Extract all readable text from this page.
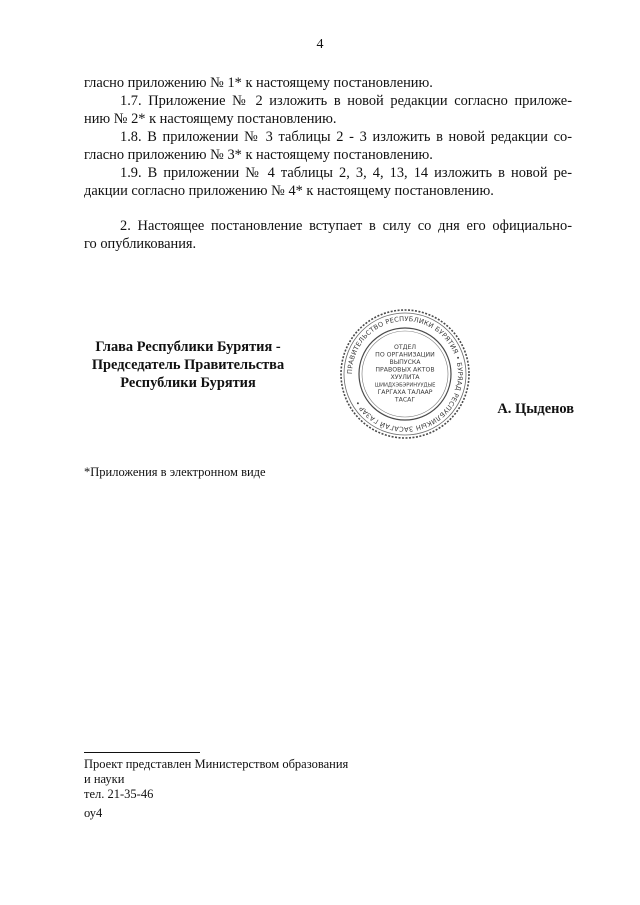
4
гласно приложению № 1* к настоящему постановлению.
1.7. Приложение № 2 изложить в новой редакции согласно приложе-
нию № 2* к настоящему постановлению.
1.8. В приложении № 3 таблицы 2 - 3 изложить в новой редакции со-
гласно приложению № 3* к настоящему постановлению.
1.9. В приложении № 4 таблицы 2, 3, 4, 13, 14 изложить в новой ре-
дакции согласно приложению № 4* к настоящему постановлению.
2. Настоящее постановление вступает в силу со дня его официально-
го опубликования.
Глава Республики Бурятия -
Председатель Правительства
Республики Бурятия
ПРАВИТЕЛЬСТВО РЕСПУБЛИКИ БУРЯТИЯ • БУРЯАД РЕСПУБЛИКЫН ЗАСАГАЙ ГАЗАР •
ОТДЕЛ
ПО ОРГАНИЗАЦИИ
ВЫПУСКА
ПРАВОВЫХ АКТОВ
ХУУЛИТА
ШИИДХЭБЭРИНУУДЫЕ
ГАРГАХА ТАЛААР
ТАСАГ
А. Цыденов
*Приложения в электронном виде
Проект представлен Министерством образования
и науки
тел. 21-35-46
оу4
